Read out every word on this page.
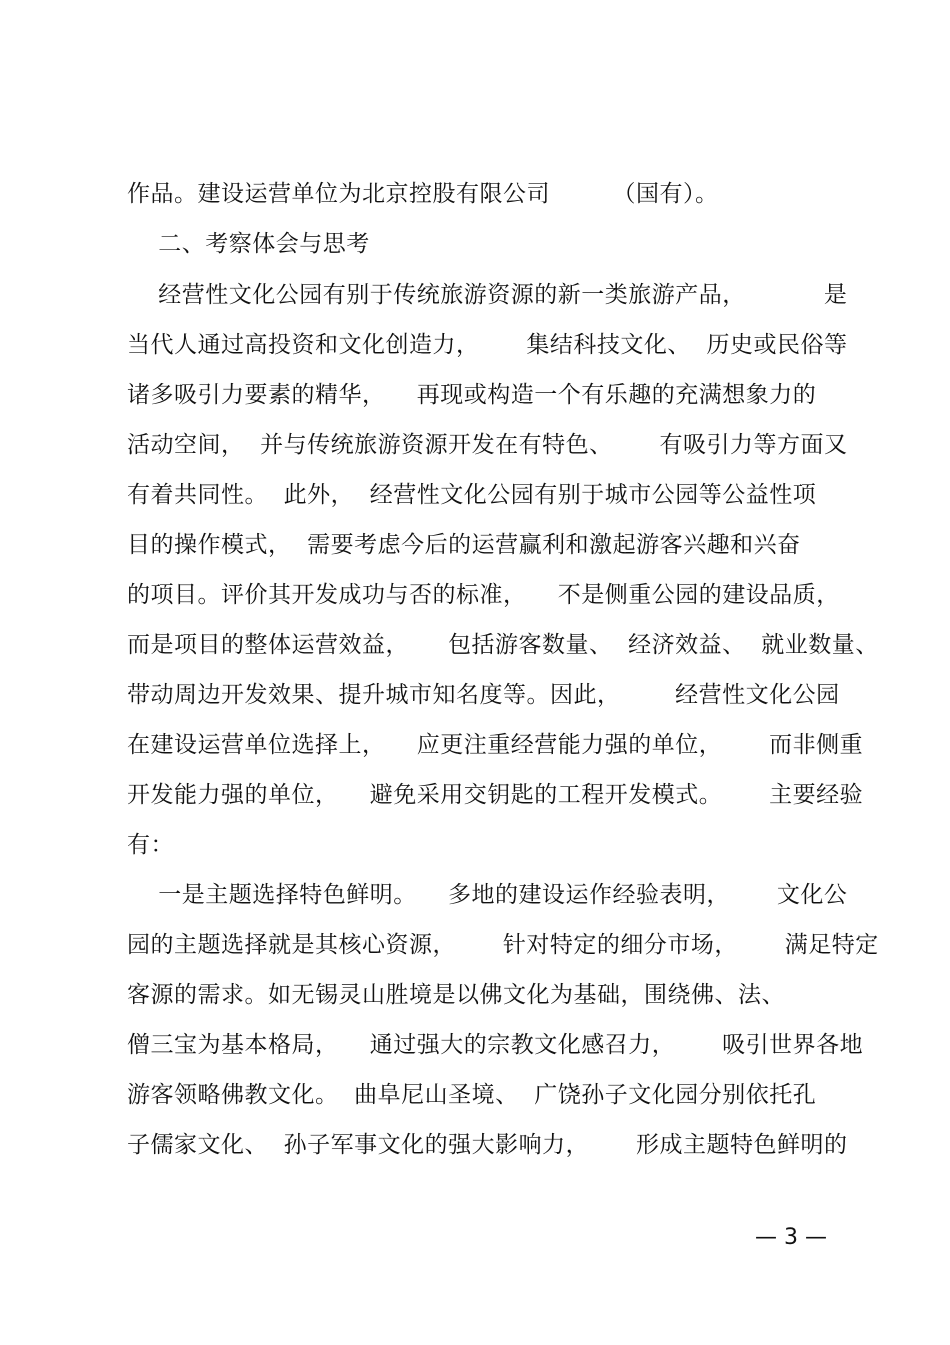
作品。建设运营单位为北京控股有限公司        （国有）。
二、考察体会与思考
经营性文化公园有别于传统旅游资源的新一类旅游产品，          是
当代人通过高投资和文化创造力，      集结科技文化、  历史或民俗等
诸多吸引力要素的精华，    再现或构造一个有乐趣的充满想象力的
活动空间，  并与传统旅游资源开发在有特色、      有吸引力等方面又
有着共同性。  此外，  经营性文化公园有别于城市公园等公益性项
目的操作模式，  需要考虑今后的运营赢利和激起游客兴趣和兴奋
的项目。评价其开发成功与否的标准，    不是侧重公园的建设品质，
而是项目的整体运营效益，     包括游客数量、  经济效益、  就业数量、
带动周边开发效果、提升城市知名度等。因此，       经营性文化公园
在建设运营单位选择上，    应更注重经营能力强的单位，      而非侧重
开发能力强的单位，    避免采用交钥匙的工程开发模式。      主要经验
有：
一是主题选择特色鲜明。    多地的建设运作经验表明，      文化公
园的主题选择就是其核心资源，      针对特定的细分市场，      满足特定
客源的需求。如无锡灵山胜境是以佛文化为基础，围绕佛、法、
僧三宝为基本格局，    通过强大的宗教文化感召力，      吸引世界各地
游客领略佛教文化。  曲阜尼山圣境、  广饶孙子文化园分别依托孔
子儒家文化、  孙子军事文化的强大影响力，      形成主题特色鲜明的
— 3 —
